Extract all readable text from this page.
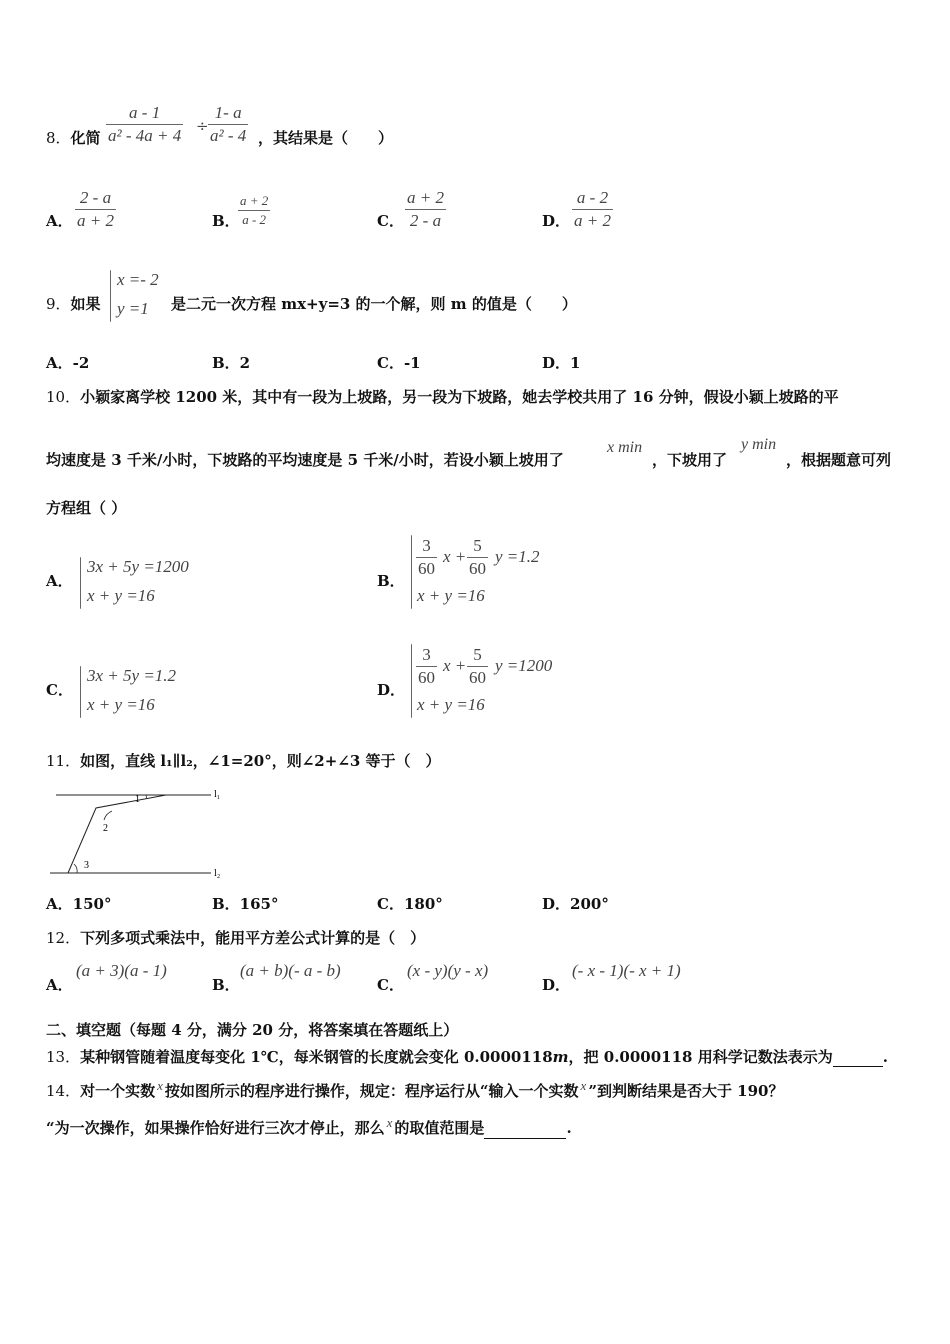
8．化简 $\frac{a - 1}{\text{a² - 4a + 4}} \div \frac{1- a}{\text{a² - 4}}$ ，其结果是（　　）
A． $\frac{2 - a}{a + 2}$	B．
$\frac{a + 2}{a - 2}$	C． $\frac{a + 2}{2 - a}$	D． $\frac{a - 2}{a + 2}$
9．如果
x =- 2
y =1 是二元一次方程 mx+y=3 的一个解，则 m 的值是（　　）
A．-2	B．2	C．-1	D．1
10．小颖家离学校 1200 米，其中有一段为上坡路，另一段为下坡路，她去学校共用了 16 分钟，假设小颖上坡路的平
均速度是 3 千米/小时，下坡路的平均速度是 5 千米/小时，若设小颖上坡用了
x min
，下坡用了
y min
，根据题意可列
方程组（ ）
A．
3x + 5y =1200
x + y =16
B．
$\frac{3}{60}$ $x + \frac{5}{60}$ y =1.2
x + y =16
C．
3x + 5y =1.2
x + y =16
D．
$\frac{3}{60}$ $x + \frac{5}{60}$ y =1200
x + y =16
11．如图，直线 l₁∥l₂，∠1=20°，则∠2+∠3 等于（　）
1
2
3
l₁
l₂
A．150°	B．165°	C．180°	D．200°
12．下列多项式乘法中，能用平方差公式计算的是（　）
A．
(a + 3)(a - 1)
B．
(a + b)(- a - b)
C．
(x - y)(y - x)
D．
(- x - 1)(- x + 1)
二、填空题（每题 4 分，满分 20 分，将答案填在答题纸上）
13．某种钢管随着温度每变化 1℃，每米钢管的长度就会变化 0.0000118m，把 0.0000118 用科学记数法表示为	.
14．对一个实数 x 按如图所示的程序进行操作，规定：程序运行从“输入一个实数 x ”到判断结果是否大于 190？
“为一次操作，如果操作恰好进行三次才停止，那么 x 的取值范围是	.
